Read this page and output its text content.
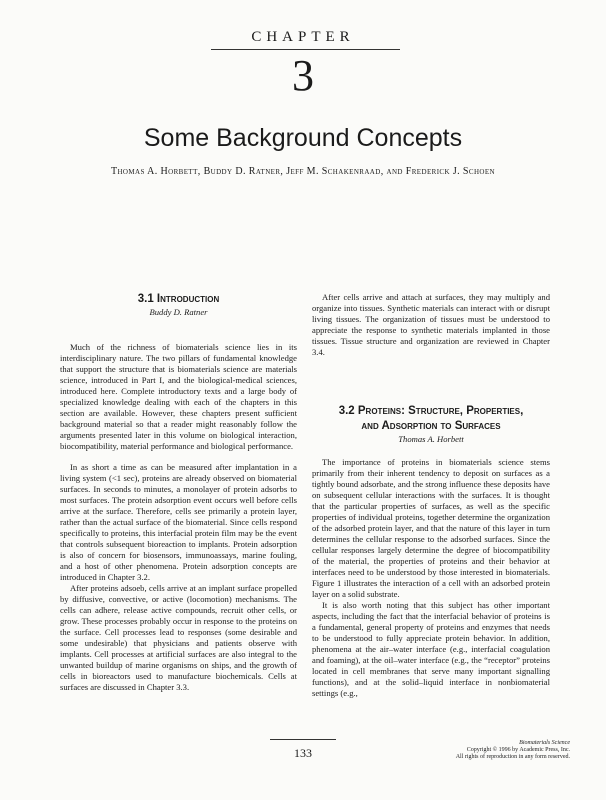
CHAPTER
3
Some Background Concepts
Thomas A. Horbett, Buddy D. Ratner, Jeff M. Schakenraad, and Frederick J. Schoen
3.1 Introduction
Buddy D. Ratner

Much of the richness of biomaterials science lies in its interdisciplinary nature. The two pillars of fundamental knowledge that support the structure that is biomaterials science are materials science, introduced in Part I, and the biological-medical sciences, introduced here. Complete introductory texts and a large body of specialized knowledge dealing with each of the chapters in this section are available. However, these chapters present sufficient background material so that a reader might reasonably follow the arguments presented later in this volume on biological interaction, biocompatibility, material performance and biological performance.

In as short a time as can be measured after implantation in a living system (<1 sec), proteins are already observed on biomaterial surfaces. In seconds to minutes, a monolayer of protein adsorbs to most surfaces. The protein adsorption event occurs well before cells arrive at the surface. Therefore, cells see primarily a protein layer, rather than the actual surface of the biomaterial. Since cells respond specifically to proteins, this interfacial protein film may be the event that controls subsequent bioreaction to implants. Protein adsorption is also of concern for biosensors, immunoassays, marine fouling, and a host of other phenomena. Protein adsorption concepts are introduced in Chapter 3.2.

After proteins adsoeb, cells arrive at an implant surface propelled by diffusive, convective, or active (locomotion) mechanisms. The cells can adhere, release active compounds, recruit other cells, or grow. These processes probably occur in response to the proteins on the surface. Cell processes lead to responses (some desirable and some undesirable) that physicians and patients observe with implants. Cell processes at artificial surfaces are also integral to the unwanted buildup of marine organisms on ships, and the growth of cells in bioreactors used to manufacture biochemicals. Cells at surfaces are discussed in Chapter 3.3.

After cells arrive and attach at surfaces, they may multiply and organize into tissues. Synthetic materials can interact with or disrupt living tissues. The organization of tissues must be understood to appreciate the response to synthetic materials implanted in those tissues. Tissue structure and organization are reviewed in Chapter 3.4.

3.2 Proteins: Structure, Properties,
and Adsorption to Surfaces
Thomas A. Horbett

The importance of proteins in biomaterials science stems primarily from their inherent tendency to deposit on surfaces as a tightly bound adsorbate, and the strong influence these deposits have on subsequent cellular interactions with the surfaces. It is thought that the particular properties of surfaces, as well as the specific properties of individual proteins, together determine the organization of the adsorbed protein layer, and that the nature of this layer in turn determines the cellular response to the adsorbed surfaces. Since the cellular responses largely determine the degree of biocompatibility of the material, the properties of proteins and their behavior at interfaces need to be understood by those interested in biomaterials. Figure 1 illustrates the interaction of a cell with an adsorbed protein layer on a solid substrate.

It is also worth noting that this subject has other important aspects, including the fact that the interfacial behavior of proteins is a fundamental, general property of proteins and enzymes that needs to be understood to fully appreciate protein behavior. In addition, phenomena at the air–water interface (e.g., interfacial coagulation and foaming), at the oil–water interface (e.g., the “receptor” proteins located in cell membranes that serve many important signalling functions), and at the solid–liquid interface in nonbiomaterial settings (e.g.,

133
Biomaterials Science
Copyright © 1996 by Academic Press, Inc.
All rights of reproduction in any form reserved.
